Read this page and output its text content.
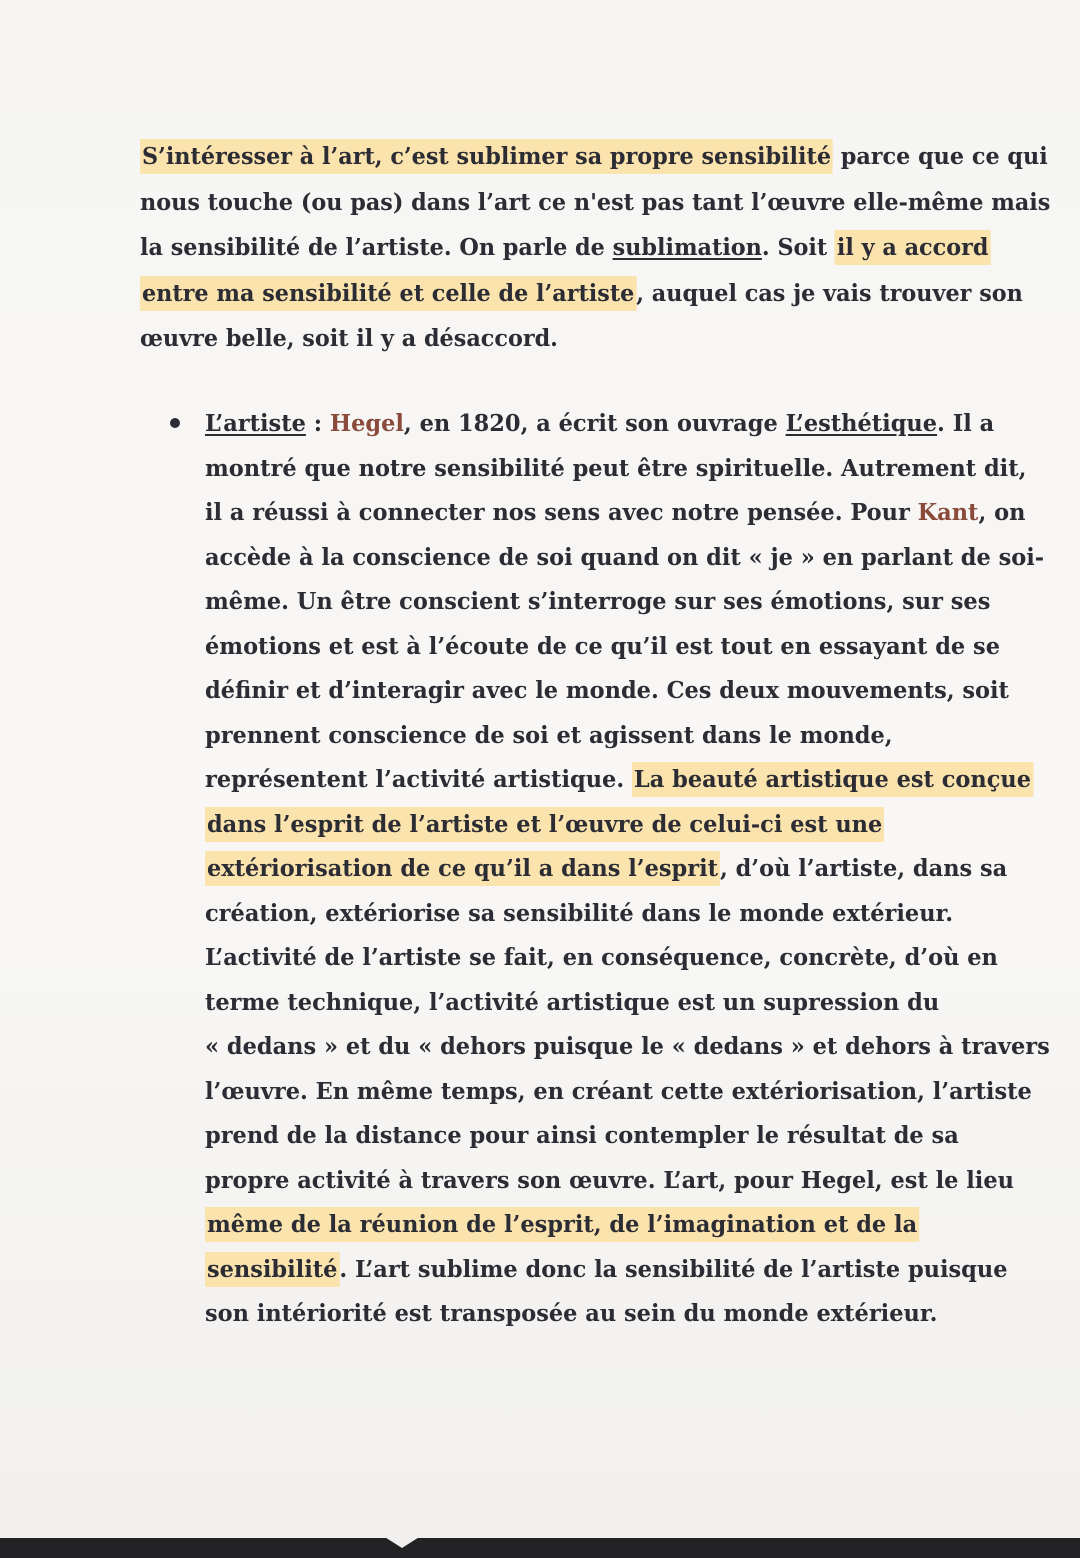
S’intéresser à l’art, c’est sublimer sa propre sensibilité parce que ce qui
nous touche (ou pas) dans l’art ce n'est pas tant l’œuvre elle-même mais
la sensibilité de l’artiste. On parle de sublimation. Soit il y a accord
entre ma sensibilité et celle de l’artiste, auquel cas je vais trouver son
œuvre belle, soit il y a désaccord.
L’artiste : Hegel, en 1820, a écrit son ouvrage L’esthétique. Il a
montré que notre sensibilité peut être spirituelle. Autrement dit,
il a réussi à connecter nos sens avec notre pensée. Pour Kant, on
accède à la conscience de soi quand on dit « je » en parlant de soi-
même. Un être conscient s’interroge sur ses émotions, sur ses
émotions et est à l’écoute de ce qu’il est tout en essayant de se
définir et d’interagir avec le monde. Ces deux mouvements, soit
prennent conscience de soi et agissent dans le monde,
représentent l’activité artistique. La beauté artistique est conçue
dans l’esprit de l’artiste et l’œuvre de celui-ci est une
extériorisation de ce qu’il a dans l’esprit, d’où l’artiste, dans sa
création, extériorise sa sensibilité dans le monde extérieur.
L’activité de l’artiste se fait, en conséquence, concrète, d’où en
terme technique, l’activité artistique est un supression du
« dedans » et du « dehors puisque le « dedans » et dehors à travers
l’œuvre. En même temps, en créant cette extériorisation, l’artiste
prend de la distance pour ainsi contempler le résultat de sa
propre activité à travers son œuvre. L’art, pour Hegel, est le lieu
même de la réunion de l’esprit, de l’imagination et de la
sensibilité. L’art sublime donc la sensibilité de l’artiste puisque
son intériorité est transposée au sein du monde extérieur.
